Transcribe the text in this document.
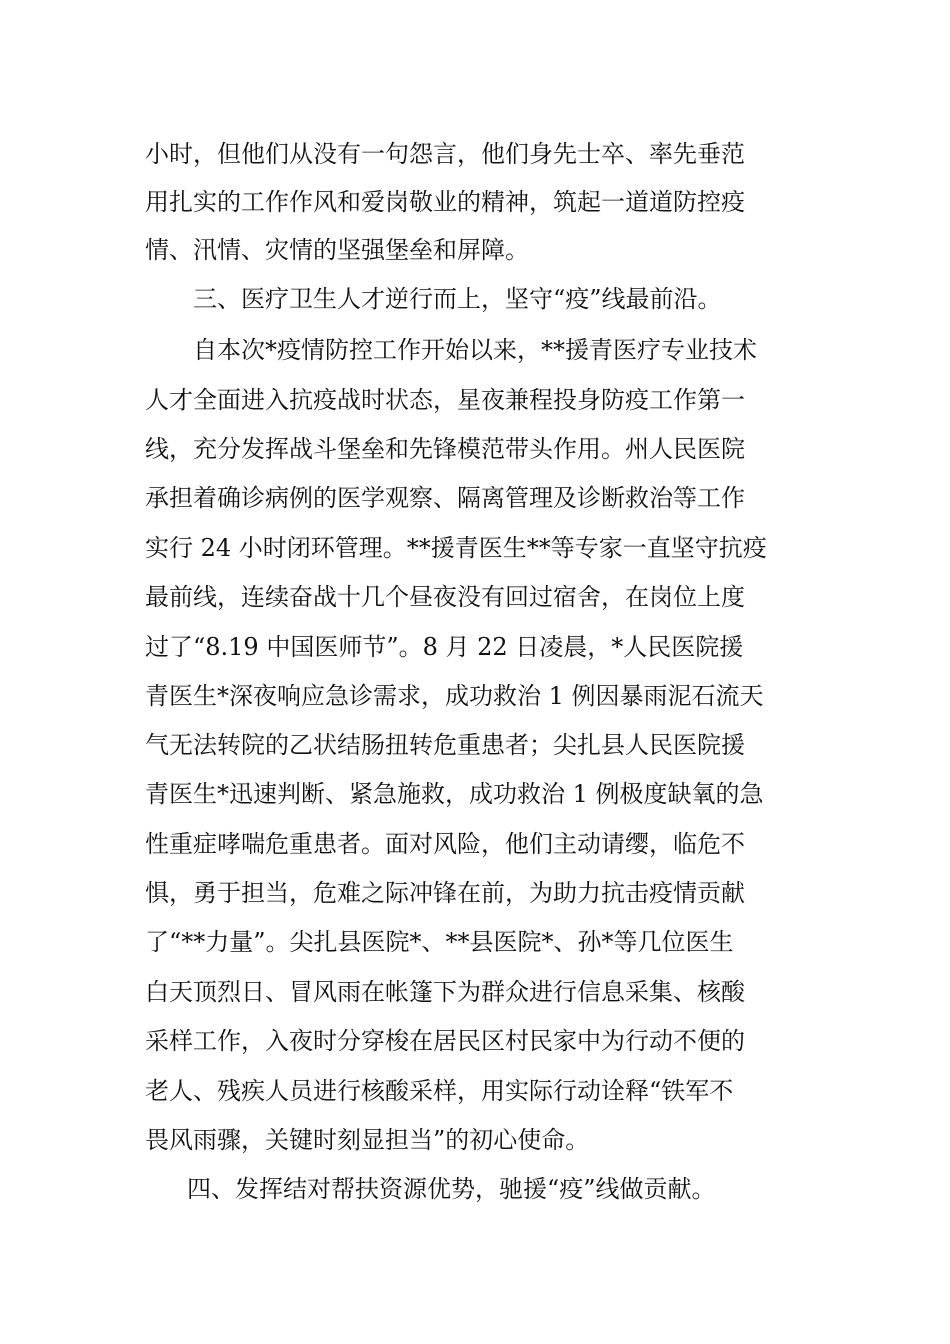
小时，但他们从没有一句怨言，他们身先士卒、率先垂范
用扎实的工作作风和爱岗敬业的精神，筑起一道道防控疫
情、汛情、灾情的坚强堡垒和屏障。
三、医疗卫生人才逆行而上，坚守“疫”线最前沿。
自本次*疫情防控工作开始以来，**援青医疗专业技术
人才全面进入抗疫战时状态，星夜兼程投身防疫工作第一
线，充分发挥战斗堡垒和先锋模范带头作用。州人民医院
承担着确诊病例的医学观察、隔离管理及诊断救治等工作
实行 24 小时闭环管理。**援青医生**等专家一直坚守抗疫
最前线，连续奋战十几个昼夜没有回过宿舍，在岗位上度
过了“8.19 中国医师节”。8 月 22 日凌晨，*人民医院援
青医生*深夜响应急诊需求，成功救治 1 例因暴雨泥石流天
气无法转院的乙状结肠扭转危重患者；尖扎县人民医院援
青医生*迅速判断、紧急施救，成功救治 1 例极度缺氧的急
性重症哮喘危重患者。面对风险，他们主动请缨，临危不
惧，勇于担当，危难之际冲锋在前，为助力抗击疫情贡献
了“**力量”。尖扎县医院*、**县医院*、孙*等几位医生
白天顶烈日、冒风雨在帐篷下为群众进行信息采集、核酸
采样工作，入夜时分穿梭在居民区村民家中为行动不便的
老人、残疾人员进行核酸采样，用实际行动诠释“铁军不
畏风雨骤，关键时刻显担当”的初心使命。
四、发挥结对帮扶资源优势，驰援“疫”线做贡献。
